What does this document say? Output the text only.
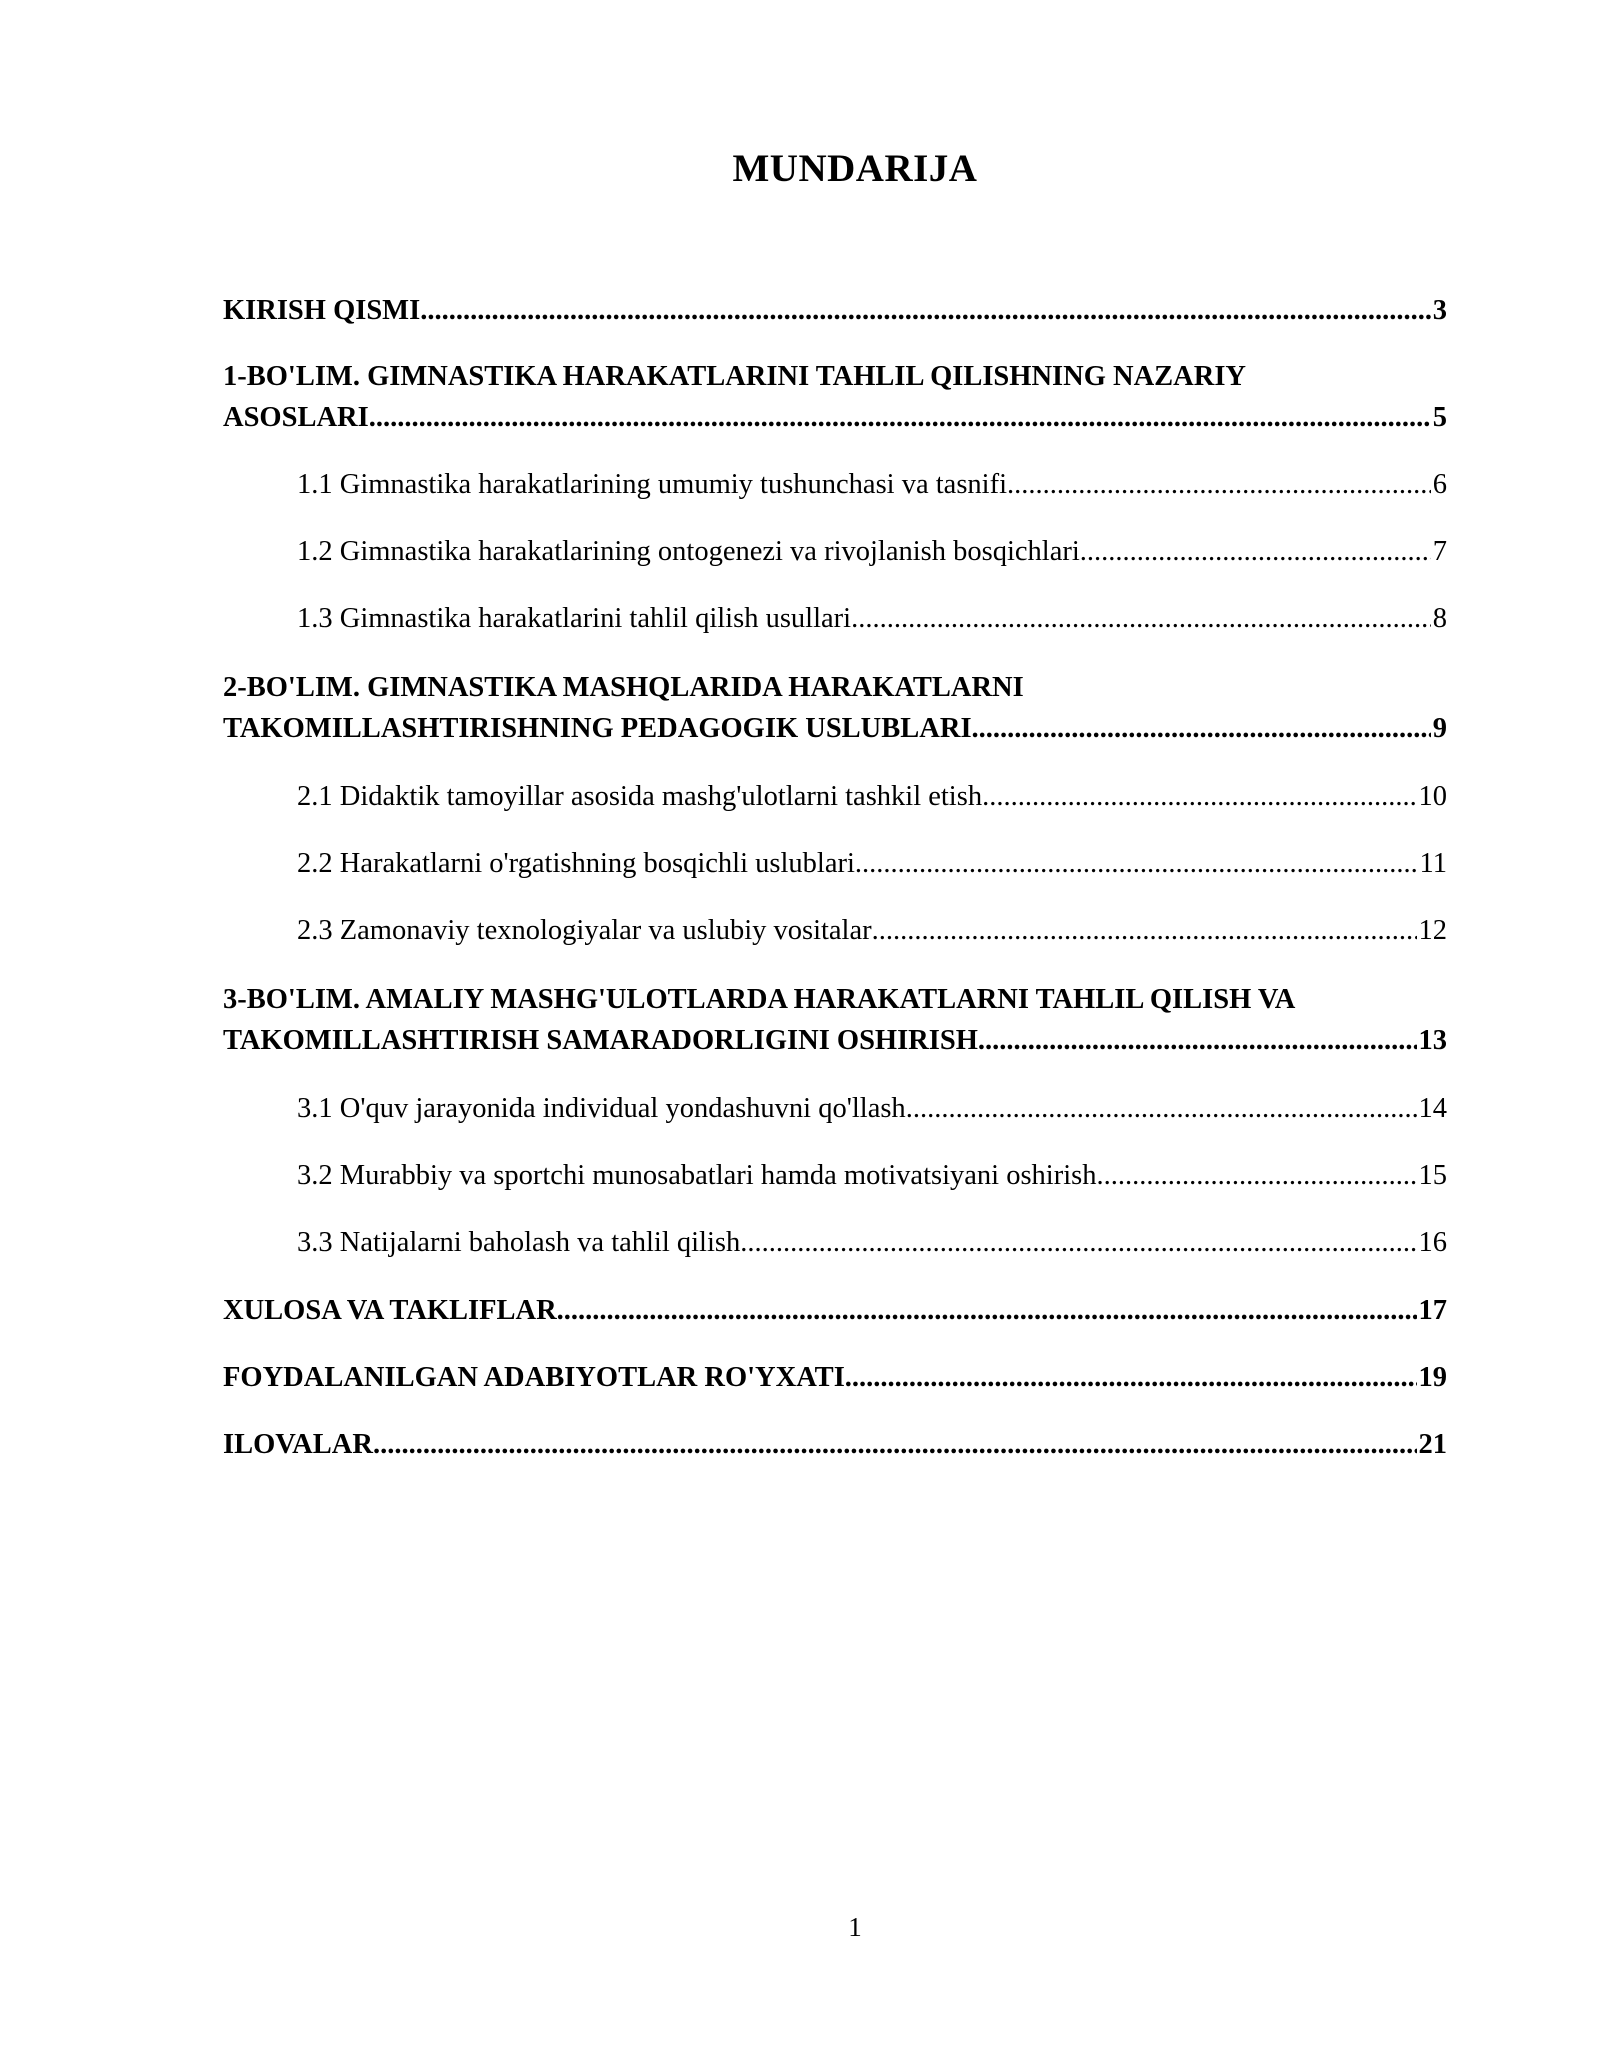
MUNDARIJA
KIRISH QISMI .....	3
1-BO'LIM. GIMNASTIKA HARAKATLARINI TAHLIL QILISHNING NAZARIY
ASOSLARI .....	5
1.1 Gimnastika harakatlarining umumiy tushunchasi va tasnifi .....	6
1.2 Gimnastika harakatlarining ontogenezi va rivojlanish bosqichlari .....	7
1.3 Gimnastika harakatlarini tahlil qilish usullari .....	8
2-BO'LIM. GIMNASTIKA MASHQLARIDA HARAKATLARNI
TAKOMILLASHTIRISHNING PEDAGOGIK USLUBLARI .....	9
2.1 Didaktik tamoyillar asosida mashg'ulotlarni tashkil etish .....	10
2.2 Harakatlarni o'rgatishning bosqichli uslublari .....	11
2.3 Zamonaviy texnologiyalar va uslubiy vositalar .....	12
3-BO'LIM. AMALIY MASHG'ULOTLARDA HARAKATLARNI TAHLIL QILISH VA
TAKOMILLASHTIRISH SAMARADORLIGINI OSHIRISH .....	13
3.1 O'quv jarayonida individual yondashuvni qo'llash .....	14
3.2 Murabbiy va sportchi munosabatlari hamda motivatsiyani oshirish .....	15
3.3 Natijalarni baholash va tahlil qilish .....	16
XULOSA VA TAKLIFLAR .....	17
FOYDALANILGAN ADABIYOTLAR RO'YXATI .....	19
ILOVALAR .....	21
1
